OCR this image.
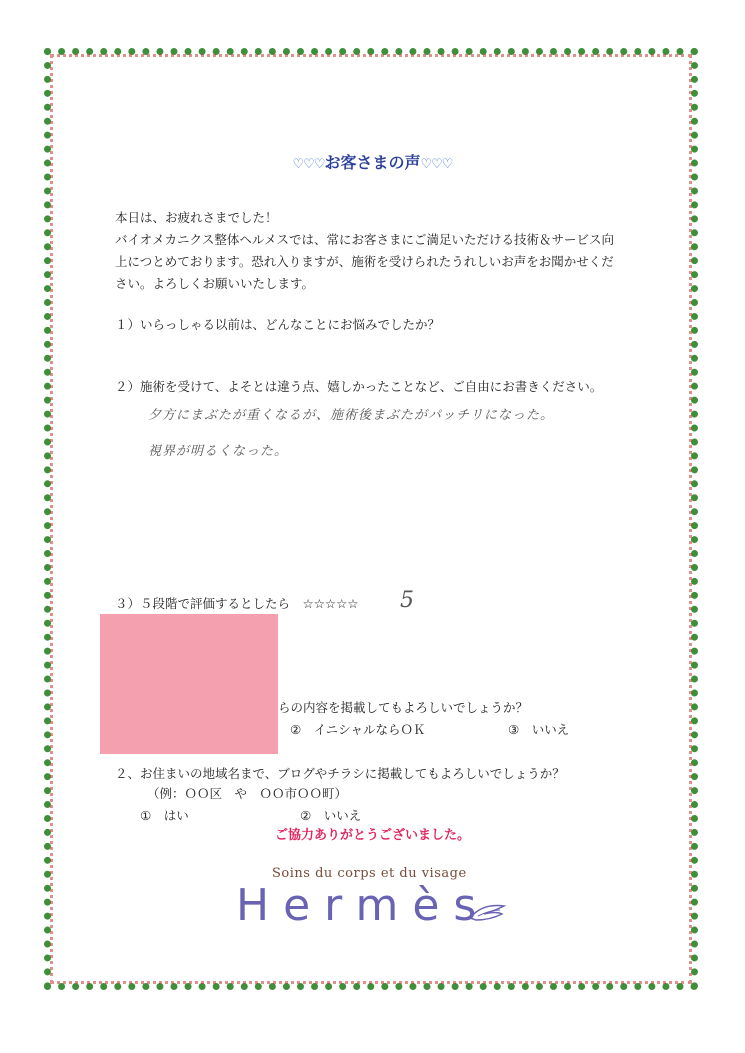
♡♡♡お客さまの声♡♡♡
本日は、お疲れさまでした！
バイオメカニクス整体ヘルメスでは、常にお客さまにご満足いただける技術＆サービス向
上につとめております。恐れ入りますが、施術を受けられたうれしいお声をお聞かせくだ
さい。よろしくお願いいたします。
１）いらっしゃる以前は、どんなことにお悩みでしたか？
２）施術を受けて、よそとは違う点、嬉しかったことなど、ご自由にお書きください。
夕方にまぶたが重くなるが、施術後まぶたがパッチリになった。
視界が明るくなった。
３）５段階で評価するとしたら　☆☆☆☆☆ 5
らの内容を掲載してもよろしいでしょうか？
②　イニシャルならＯＫ	③　いいえ
２、お住まいの地域名まで、ブログやチラシに掲載してもよろしいでしょうか？
（例：ＯＯ区　や　ＯＯ市ＯＯ町）
①　はい	②　いいえ
ご協力ありがとうございました。
Soins du corps et du visage
Hermès
